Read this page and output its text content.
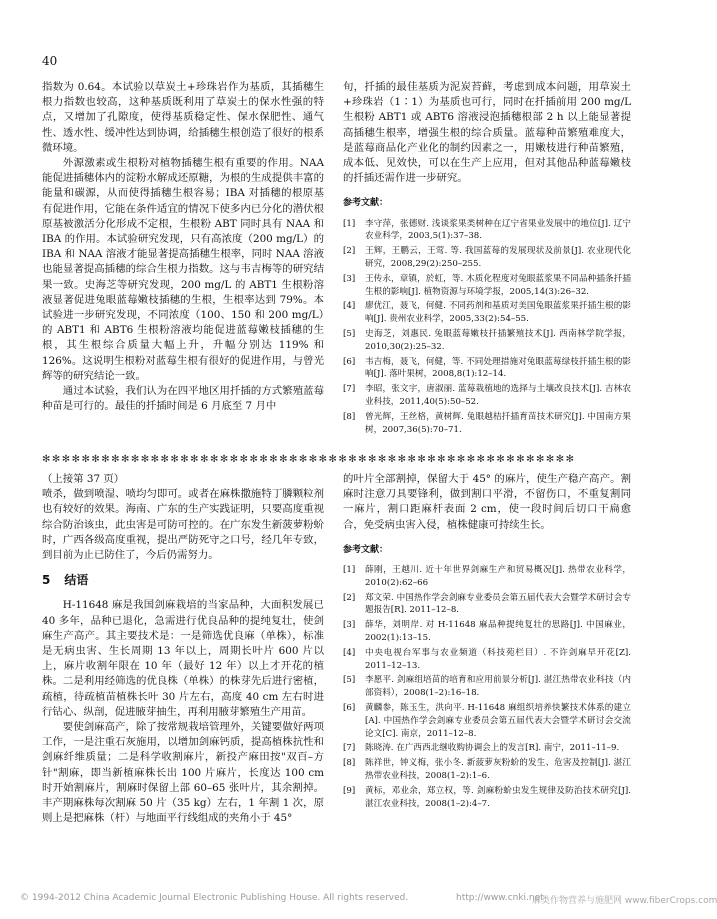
40

指数为 0.64。本试验以草炭土+珍珠岩作为基质，其插穗生根力指数也较高，这种基质既利用了草炭土的保水性强的特点，又增加了孔隙度，使得基质稳定性、保水保肥性、通气性、透水性、缓冲性达到协调，给插穗生根创造了很好的根系微环境。

外源激素或生根粉对植物插穗生根有重要的作用。NAA 能促进插穗体内的淀粉水解成还原糖，为根的生成提供丰富的能量和碳源，从而使得插穗生根容易；IBA 对插穗的根原基有促进作用，它能在条件适宜的情况下使多内已分化的潜伏根原基被激活分化形成不定根，生根粉 ABT 同时具有 NAA 和 IBA 的作用。本试验研究发现，只有高浓度（200 mg/L）的 IBA 和 NAA 溶液才能显著提高插穗生根率，同时 NAA 溶液也能显著提高插穗的综合生根力指数。这与韦吉梅等的研究结果一致。史海芝等研究发现，200 mg/L 的 ABT1 生根粉溶液显著促进兔眼蓝莓嫩枝插穗的生根，生根率达到 79%。本试验进一步研究发现，不同浓度（100、150 和 200 mg/L）的 ABT1 和 ABT6 生根粉溶液均能促进蓝莓嫩枝插穗的生根，其生根综合质量大幅上升，升幅分别达 119% 和 126%。这说明生根粉对蓝莓生根有很好的促进作用，与曾光辉等的研究结论一致。

通过本试验，我们认为在四平地区用扦插的方式繁殖蓝莓种苗是可行的。最佳的扦插时间是 6 月底至 7 月中

旬，扦插的最佳基质为泥炭苔藓，考虑到成本问题，用草炭土+珍珠岩（1∶1）为基质也可行，同时在扦插前用 200 mg/L 生根粉 ABT1 或 ABT6 溶液浸泡插穗根部 2 h 以上能显著提高插穗生根率，增强生根的综合质量。蓝莓种苗繁殖难度大，是蓝莓商品化产业化的制约因素之一，用嫩枝进行种苗繁殖，成本低、见效快，可以在生产上应用，但对其他品种蓝莓嫩枝的扦插还需作进一步研究。

参考文献：
[1] 李守萍，张德财. 浅谈浆果类树种在辽宁省果业发展中的地位[J]. 辽宁农业科学，2003,5(1):37–38.
[2] 王辉，王鹏云，王莺. 等. 我国蓝莓的发展现状及前景[J]. 农业现代化研究，2008,29(2):250–255.
[3] 王传永，章镇，於虹，等. 木质化程度对兔眼蓝浆果不同品种插条扦插生根的影响[J]. 植物资源与环境学报，2005,14(3):26–32.
[4] 廖优江，聂飞，何健. 不同药剂和基质对美国兔眼蓝浆果扦插生根的影响[J]. 贵州农业科学，2005,33(2):54–55.
[5] 史海芝，刘惠民. 兔眼蓝莓嫩枝扦插繁殖技术[J]. 西南林学院学报，2010,30(2):25–32.
[6] 韦吉梅，聂飞，何健，等. 不同处理措施对兔眼蓝莓绿枝扦插生根的影响[J]. 落叶果树，2008,8(1):12–14.
[7] 李昭，张文宇，唐淑丽. 蓝莓栽植地的选择与土壤改良技术[J]. 吉林农业科技，2011,40(5):50–52.
[8] 曾光辉，王丝格，黄树辉. 兔眼越桔扦插育苗技术研究[J]. 中国南方果树，2007,36(5):70–71.
✻✻✻✻✻✻✻✻✻✻✻✻✻✻✻✻✻✻✻✻✻✻✻✻✻✻✻✻✻✻✻✻✻✻✻✻✻✻✻✻✻✻✻✻✻✻✻✻✻✻✻✻✻✻

（上接第 37 页）

喷杀，做到喷湿、喷均匀即可。或者在麻株撒施特丁膦颗粒剂也有较好的效果。海南、广东的生产实践证明，只要高度重视综合防治该虫，此虫害是可防可控的。在广东发生新菠萝粉蚧时，广西各级高度重视，提出严防死守之口号，经几年专致，到目前为止已防住了，今后仍需努力。

5 结语

H-11648 麻是我国剑麻栽培的当家品种，大面积发展已 40 多年，品种已退化，急需进行优良品种的提纯复壮，使剑麻生产高产。其主要技术是：一是筛选优良麻（单株），标准是无病虫害、生长周期 13 年以上，周期长叶片 600 片以上，麻片收割年限在 10 年（最好 12 年）以上才开花的植株。二是利用经筛选的优良株（单株）的株芽先后进行密植，疏植，待疏植苗植株长叶 30 片左右，高度 40 cm 左右时进行钻心、纵剖，促进腋芽抽生，再利用腋芽繁殖生产用苗。

要使剑麻高产，除了按常规栽培管理外，关键要做好两项工作，一是注重石灰施用，以增加剑麻钙质，提高植株抗性和剑麻纤维质量；二是科学收割麻片，新投产麻田按"双百–方针"割麻，即当新植麻株长出 100 片麻片，长度达 100 cm 时开始割麻片，割麻时保留上部 60–65 张叶片，其余割掉。丰产期麻株每次割麻 50 片（35 kg）左右，1 年割 1 次，原则上是把麻株（杆）与地面平行线组成的夹角小于 45°

的叶片全部割掉，保留大于 45° 的麻片，使生产稳产高产。割麻时注意刀具要锋利，做到割口平滑，不留伤口，不重复割同一麻片，割口距麻杆表面 2 cm，使一段时间后切口干扁愈合，免受病虫害入侵，植株健康可持续生长。

参考文献：
[1] 薛刚，王越川. 近十年世界剑麻生产和贸易概况[J]. 热带农业科学，2010(2):62–66
[2] 郑文荣. 中国热作学会剑麻专业委员会第五届代表大会暨学术研讨会专题报告[R]. 2011–12–8.
[3] 薛华，刘明岸. 对 H-11648 麻品种提纯复壮的思路[J]. 中国麻业，2002(1):13–15.
[4] 中央电视台军事与农业频道（科技苑栏目）. 不许剑麻早开花[Z]. 2011–12–13.
[5] 李愿平. 剑麻组培苗的培育和应用前景分析[J]. 湛江热带农业科技（内部资料），2008(1–2):16–18.
[6] 黄麟参，陈玉生，洪向平. H-11648 麻组织培养快繁技术体系的建立[A]. 中国热作学会剑麻专业委员会第五届代表大会暨学术研讨会交流论文[C]. 南京，2011–12–8.
[7] 陈晓涛. 在广西西北继收购协调会上的发言[R]. 南宁，2011–11–9.
[8] 陈祥世，钟义梅，张小冬. 新菠萝灰粉蚧的发生、危害及控制[J]. 湛江热带农业科技，2008(1–2):1–6.
[9] 黄标，邓业余，郑立权，等. 剑麻粉蚧虫发生规律及防治技术研究[J]. 湛江农业科技，2008(1–2):4–7.
© 1994-2012 China Academic Journal Electronic Publishing House. All rights reserved.	http://www.cnki.net
麻类作物营养与施肥网 www.fiberCrops.com
